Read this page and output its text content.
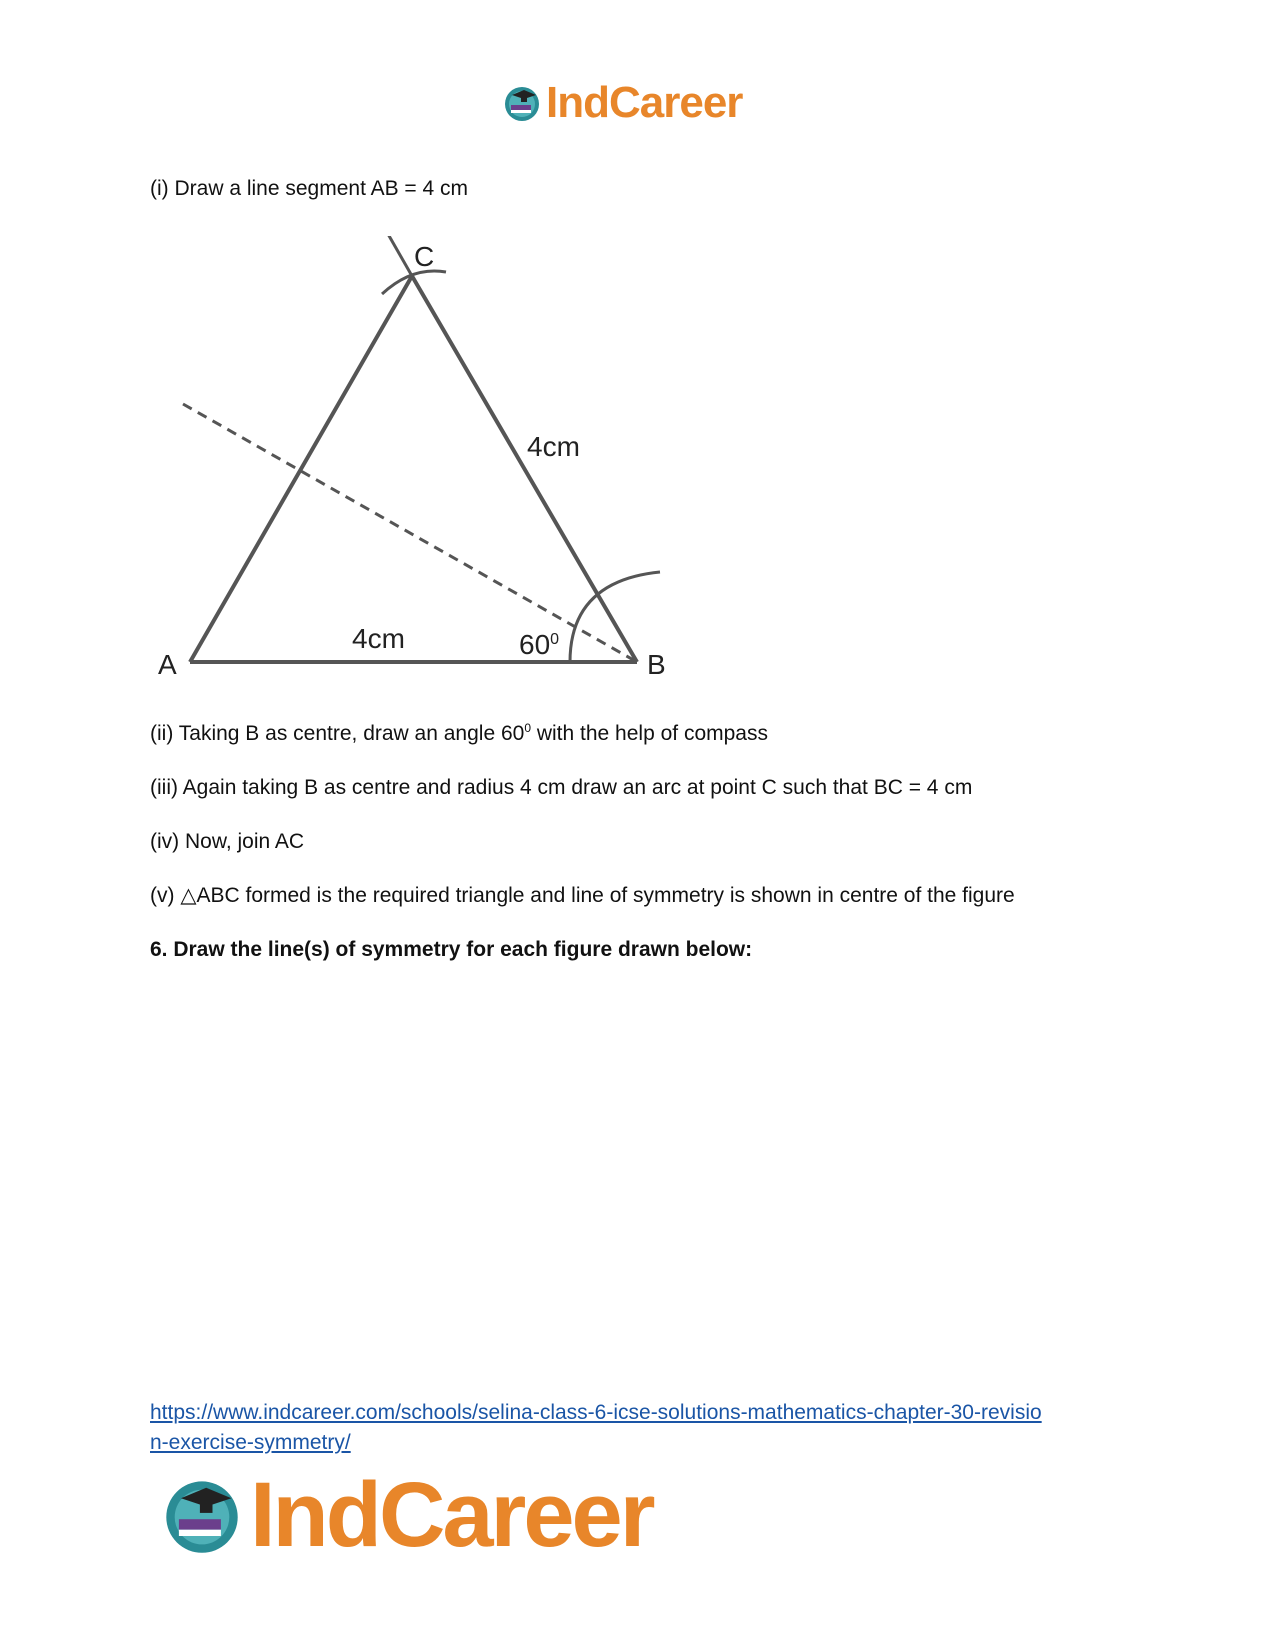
IndCareer
(i) Draw a line segment AB = 4 cm
A	B
C
4cm
4cm	$60^0$
(ii) Taking B as centre, draw an angle $60^0$ with the help of compass
(iii) Again taking B as centre and radius 4 cm draw an arc at point C such that BC = 4 cm
(iv) Now, join AC
(v) △ABC formed is the required triangle and line of symmetry is shown in centre of the figure
6. Draw the line(s) of symmetry for each figure drawn below:
https://www.indcareer.com/schools/selina-class-6-icse-solutions-mathematics-chapter-30-revisio
n-exercise-symmetry/
IndCareer
